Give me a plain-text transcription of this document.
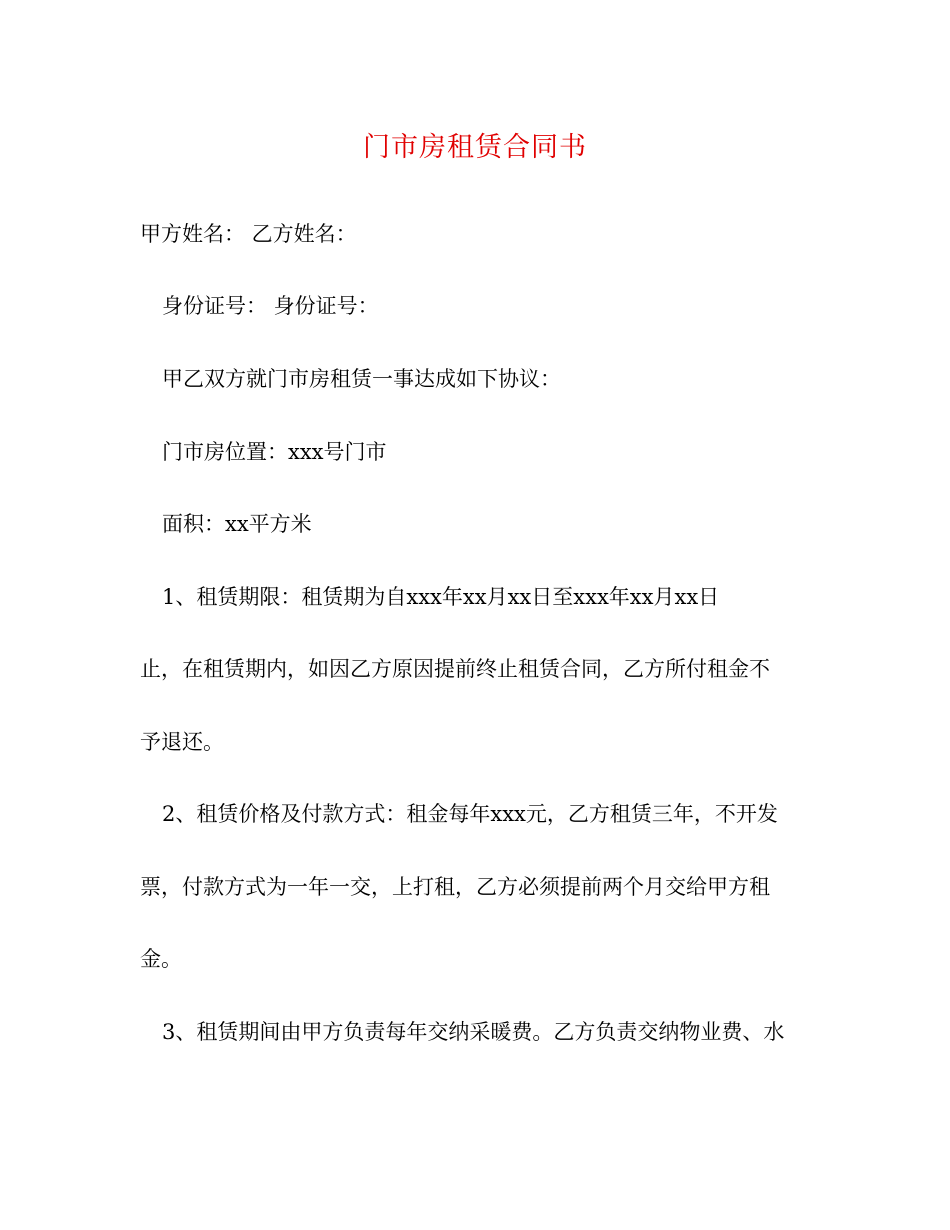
门市房租赁合同书
甲方姓名： 乙方姓名：
身份证号： 身份证号：
甲乙双方就门市房租赁一事达成如下协议：
门市房位置：xxx号门市
面积：xx平方米
1、租赁期限：租赁期为自xxx年xx月xx日至xxx年xx月xx日
止，在租赁期内，如因乙方原因提前终止租赁合同，乙方所付租金不
予退还。
2、租赁价格及付款方式：租金每年xxx元，乙方租赁三年，不开发
票，付款方式为一年一交，上打租，乙方必须提前两个月交给甲方租
金。
3、租赁期间由甲方负责每年交纳采暖费。乙方负责交纳物业费、水
